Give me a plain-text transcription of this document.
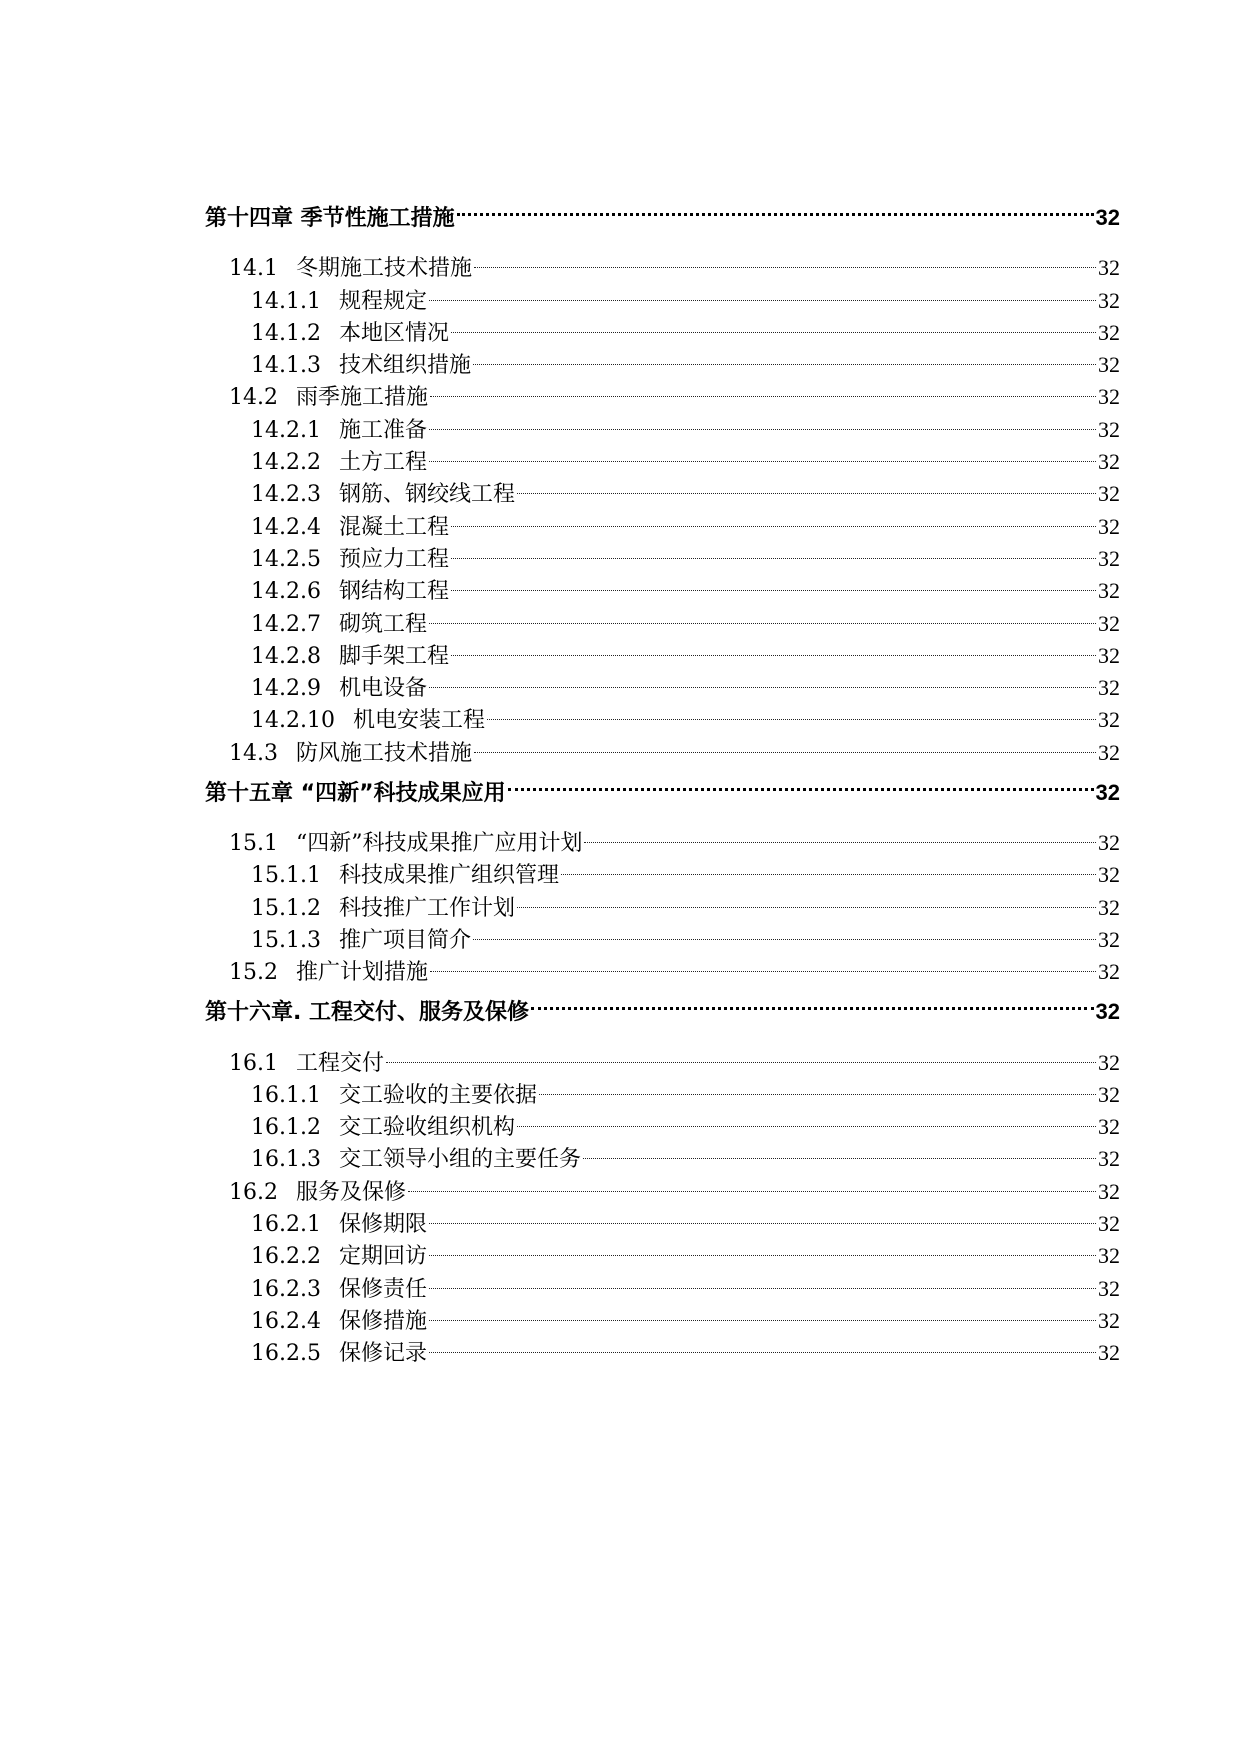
第十四章 季节性施工措施	32
14.1 冬期施工技术措施	32
14.1.1 规程规定	32
14.1.2 本地区情况	32
14.1.3 技术组织措施	32
14.2 雨季施工措施	32
14.2.1 施工准备	32
14.2.2 土方工程	32
14.2.3 钢筋、钢绞线工程	32
14.2.4 混凝土工程	32
14.2.5 预应力工程	32
14.2.6 钢结构工程	32
14.2.7 砌筑工程	32
14.2.8 脚手架工程	32
14.2.9 机电设备	32
14.2.10 机电安装工程	32
14.3 防风施工技术措施	32
第十五章 “四新”科技成果应用	32
15.1 “四新”科技成果推广应用计划	32
15.1.1 科技成果推广组织管理	32
15.1.2 科技推广工作计划	32
15.1.3 推广项目简介	32
15.2 推广计划措施	32
第十六章. 工程交付、服务及保修	32
16.1 工程交付	32
16.1.1 交工验收的主要依据	32
16.1.2 交工验收组织机构	32
16.1.3 交工领导小组的主要任务	32
16.2 服务及保修	32
16.2.1 保修期限	32
16.2.2 定期回访	32
16.2.3 保修责任	32
16.2.4 保修措施	32
16.2.5 保修记录	32
